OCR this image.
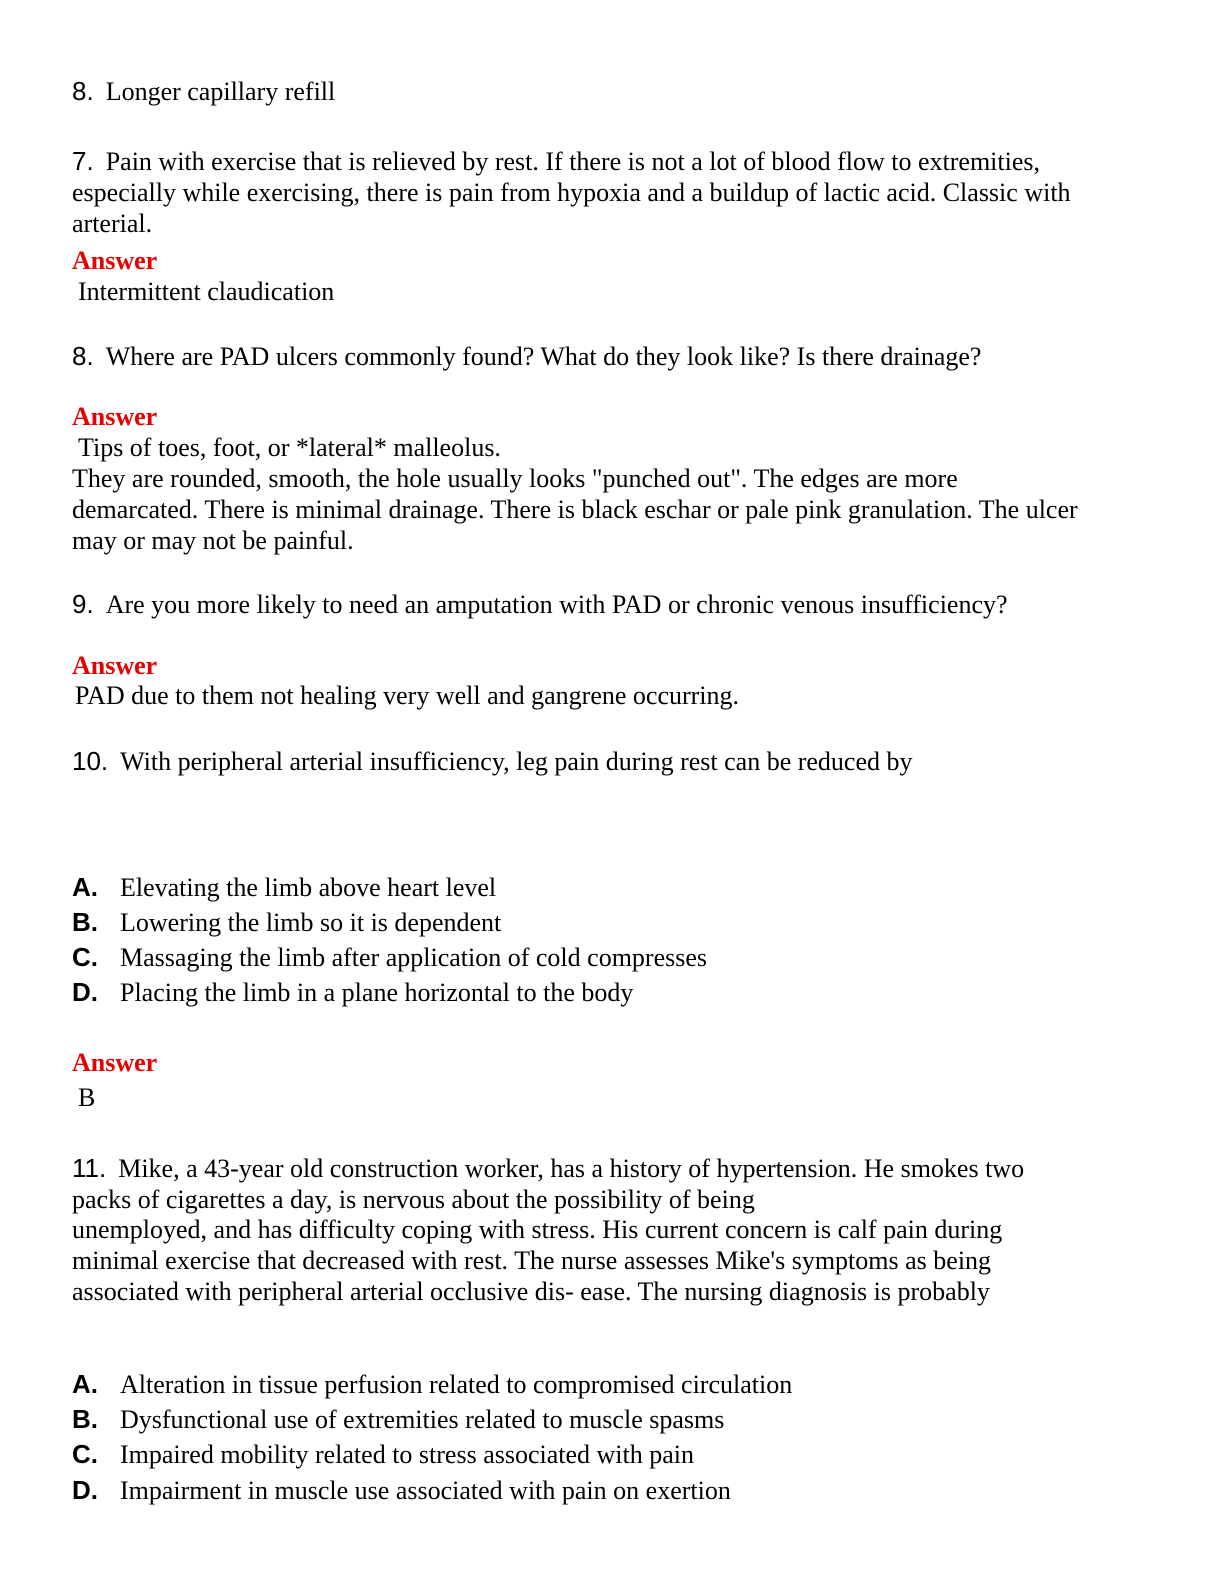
8. Longer capillary refill
7. Pain with exercise that is relieved by rest. If there is not a lot of blood flow to extremities,
especially while exercising, there is pain from hypoxia and a buildup of lactic acid. Classic with
arterial.
Answer
Intermittent claudication
8. Where are PAD ulcers commonly found? What do they look like? Is there drainage?
Answer
Tips of toes, foot, or *lateral* malleolus.
They are rounded, smooth, the hole usually looks "punched out". The edges are more
demarcated. There is minimal drainage. There is black eschar or pale pink granulation. The ulcer
may or may not be painful.
9. Are you more likely to need an amputation with PAD or chronic venous insufficiency?
Answer
PAD due to them not healing very well and gangrene occurring.
10. With peripheral arterial insufficiency, leg pain during rest can be reduced by
A. Elevating the limb above heart level
B. Lowering the limb so it is dependent
C. Massaging the limb after application of cold compresses
D. Placing the limb in a plane horizontal to the body
Answer
B
11. Mike, a 43-year old construction worker, has a history of hypertension. He smokes two
packs of cigarettes a day, is nervous about the possibility of being
unemployed, and has difficulty coping with stress. His current concern is calf pain during
minimal exercise that decreased with rest. The nurse assesses Mike's symptoms as being
associated with peripheral arterial occlusive dis- ease. The nursing diagnosis is probably
A. Alteration in tissue perfusion related to compromised circulation
B. Dysfunctional use of extremities related to muscle spasms
C. Impaired mobility related to stress associated with pain
D. Impairment in muscle use associated with pain on exertion
